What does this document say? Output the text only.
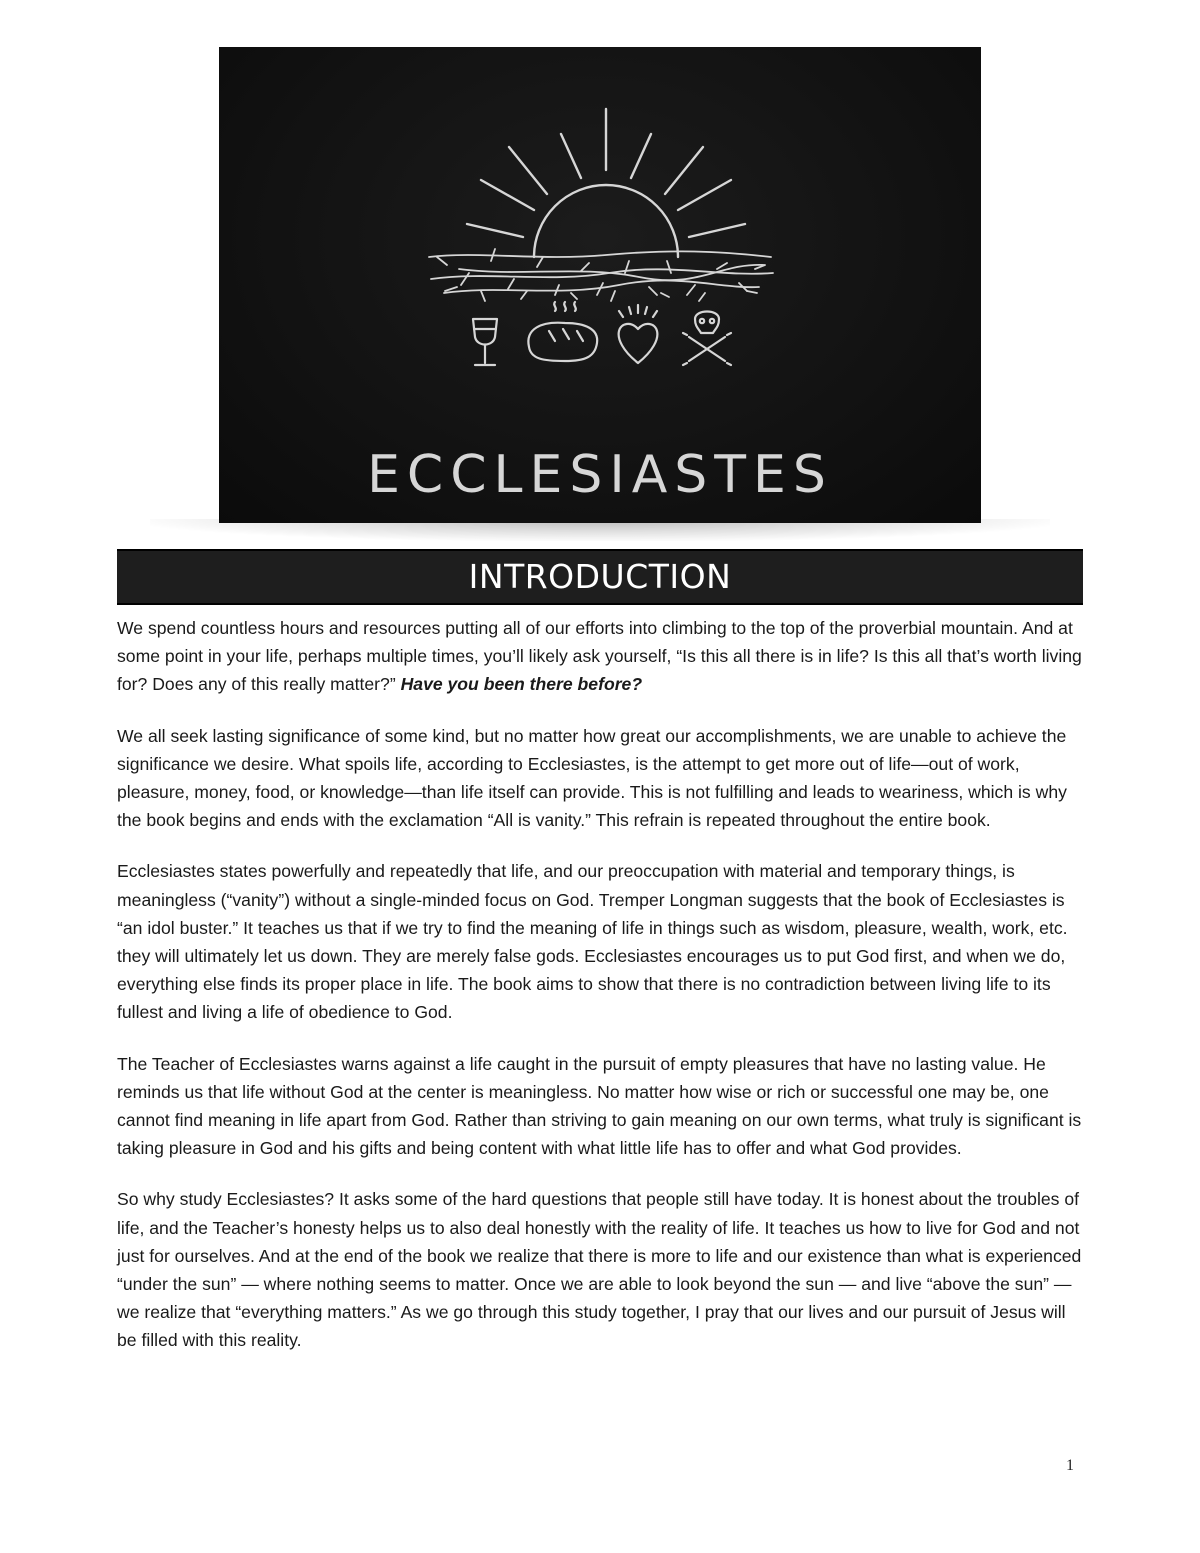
ECCLESIASTES
INTRODUCTION

We spend countless hours and resources putting all of our efforts into climbing to the top of the proverbial mountain. And at some point in your life, perhaps multiple times, you’ll likely ask yourself, “Is this all there is in life? Is this all that’s worth living for? Does any of this really matter?” Have you been there before?

We all seek lasting significance of some kind, but no matter how great our accomplishments, we are unable to achieve the significance we desire. What spoils life, according to Ecclesiastes, is the attempt to get more out of life—out of work, pleasure, money, food, or knowledge—than life itself can provide. This is not fulfilling and leads to weariness, which is why the book begins and ends with the exclamation “All is vanity.” This refrain is repeated throughout the entire book.

Ecclesiastes states powerfully and repeatedly that life, and our preoccupation with material and temporary things, is meaningless (“vanity”) without a single-minded focus on God. Tremper Longman suggests that the book of Ecclesiastes is “an idol buster.” It teaches us that if we try to find the meaning of life in things such as wisdom, pleasure, wealth, work, etc. they will ultimately let us down. They are merely false gods. Ecclesiastes encourages us to put God first, and when we do, everything else finds its proper place in life. The book aims to show that there is no contradiction between living life to its fullest and living a life of obedience to God.

The Teacher of Ecclesiastes warns against a life caught in the pursuit of empty pleasures that have no lasting value. He reminds us that life without God at the center is meaningless. No matter how wise or rich or successful one may be, one cannot find meaning in life apart from God. Rather than striving to gain meaning on our own terms, what truly is significant is taking pleasure in God and his gifts and being content with what little life has to offer and what God provides.

So why study Ecclesiastes? It asks some of the hard questions that people still have today. It is honest about the troubles of life, and the Teacher’s honesty helps us to also deal honestly with the reality of life. It teaches us how to live for God and not just for ourselves. And at the end of the book we realize that there is more to life and our existence than what is experienced “under the sun” — where nothing seems to matter. Once we are able to look beyond the sun — and live “above the sun” — we realize that “everything matters.” As we go through this study together, I pray that our lives and our pursuit of Jesus will be filled with this reality.

1
